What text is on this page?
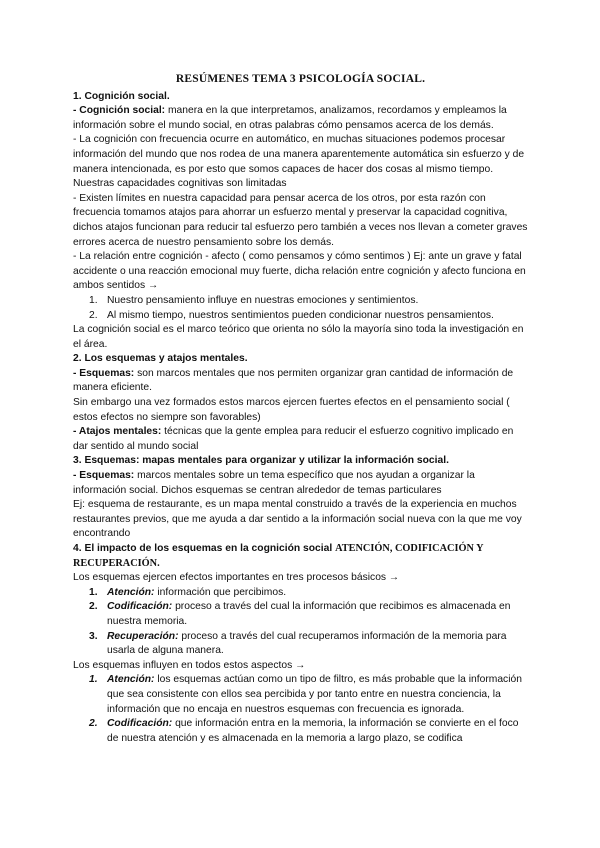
RESÚMENES TEMA 3 PSICOLOGÍA SOCIAL.

1. Cognición social.

- Cognición social: manera en la que interpretamos, analizamos, recordamos y empleamos la información sobre el mundo social, en otras palabras cómo pensamos acerca de los demás.

- La cognición con frecuencia ocurre en automático, en muchas situaciones podemos procesar información del mundo que nos rodea de una manera aparentemente automática sin esfuerzo y de manera intencionada, es por esto que somos capaces de hacer dos cosas al mismo tiempo. Nuestras capacidades cognitivas son limitadas

- Existen límites en nuestra capacidad para pensar acerca de los otros, por esta razón con frecuencia tomamos atajos para ahorrar un esfuerzo mental y preservar la capacidad cognitiva, dichos atajos funcionan para reducir tal esfuerzo pero también a veces nos llevan a cometer graves errores acerca de nuestro pensamiento sobre los demás.

- La relación entre cognición - afecto ( como pensamos y cómo sentimos ) Ej: ante un grave y fatal accidente o una reacción emocional muy fuerte, dicha relación entre cognición y afecto funciona en ambos sentidos →

1. Nuestro pensamiento influye en nuestras emociones y sentimientos.
2. Al mismo tiempo, nuestros sentimientos pueden condicionar nuestros pensamientos.

La cognición social es el marco teórico que orienta no sólo la mayoría sino toda la investigación en el área.

2. Los esquemas y atajos mentales.

- Esquemas: son marcos mentales que nos permiten organizar gran cantidad de información de manera eficiente.

Sin embargo una vez formados estos marcos ejercen fuertes efectos en el pensamiento social ( estos efectos no siempre son favorables)

- Atajos mentales: técnicas que la gente emplea para reducir el esfuerzo cognitivo implicado en dar sentido al mundo social

3. Esquemas: mapas mentales para organizar y utilizar la información social.

- Esquemas: marcos mentales sobre un tema específico que nos ayudan a organizar la información social. Dichos esquemas se centran alrededor de temas particulares

Ej: esquema de restaurante, es un mapa mental construido a través de la experiencia en muchos restaurantes previos, que me ayuda a dar sentido a la información social nueva con la que me voy encontrando

4. El impacto de los esquemas en la cognición social ATENCIÓN, CODIFICACIÓN Y RECUPERACIÓN.

Los esquemas ejercen efectos importantes en tres procesos básicos →

1. Atención: información que percibimos.
2. Codificación: proceso a través del cual la información que recibimos es almacenada en nuestra memoria.
3. Recuperación: proceso a través del cual recuperamos información de la memoria para usarla de alguna manera.

Los esquemas influyen en todos estos aspectos →

1. Atención: los esquemas actúan como un tipo de filtro, es más probable que la información que sea consistente con ellos sea percibida y por tanto entre en nuestra conciencia, la información que no encaja en nuestros esquemas con frecuencia es ignorada.
2. Codificación: que información entra en la memoria, la información se convierte en el foco de nuestra atención y es almacenada en la memoria a largo plazo, se codifica
